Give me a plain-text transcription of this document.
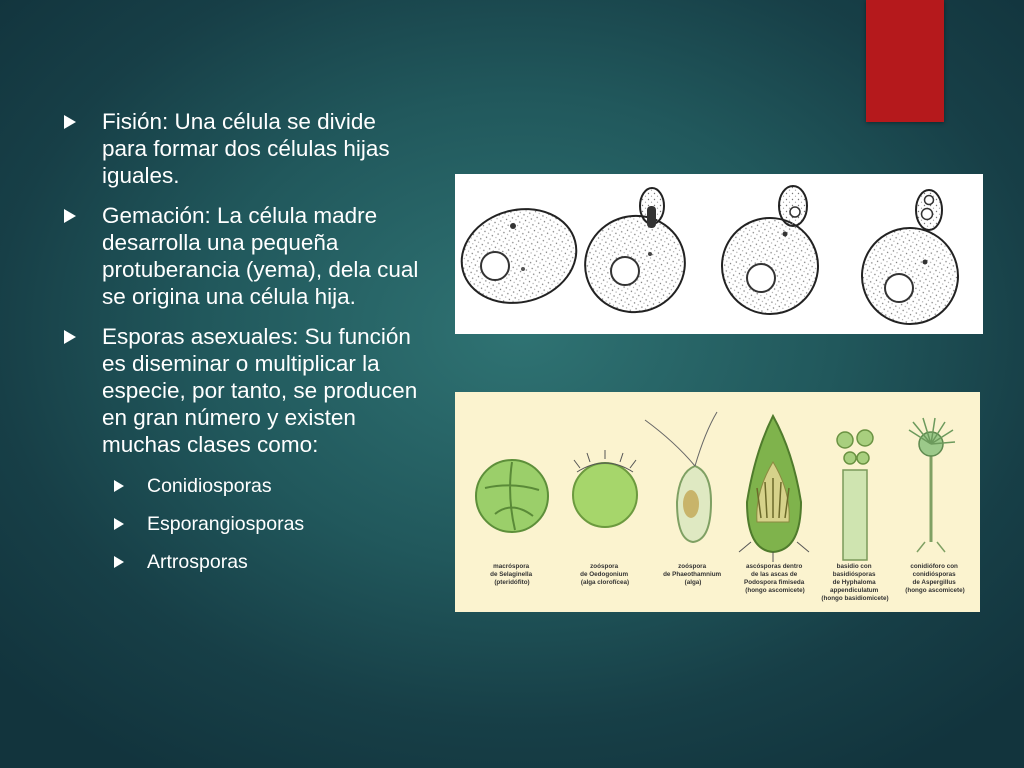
Fisión: Una célula se divide para formar dos células hijas iguales.
Gemación: La célula madre desarrolla una pequeña protuberancia (yema), dela cual se origina una célula hija.
Esporas asexuales: Su función es diseminar o multiplicar la especie, por tanto, se producen en gran número y existen muchas clases como:
Conidiosporas
Esporangiosporas
Artrosporas	macróspora de Selaginella (pteridófito)
zoóspora de Oedogonium (alga clorofícea)
zoóspora de Phaeothamnium (alga)
ascósporas dentro de las ascas de Podospora fimiseda (hongo ascomicete)
basidio con basidiósporas de Hyphaloma appendiculatum (hongo basidiomicete)
conidióforo con conidiósporas de Aspergillus (hongo ascomicete)
